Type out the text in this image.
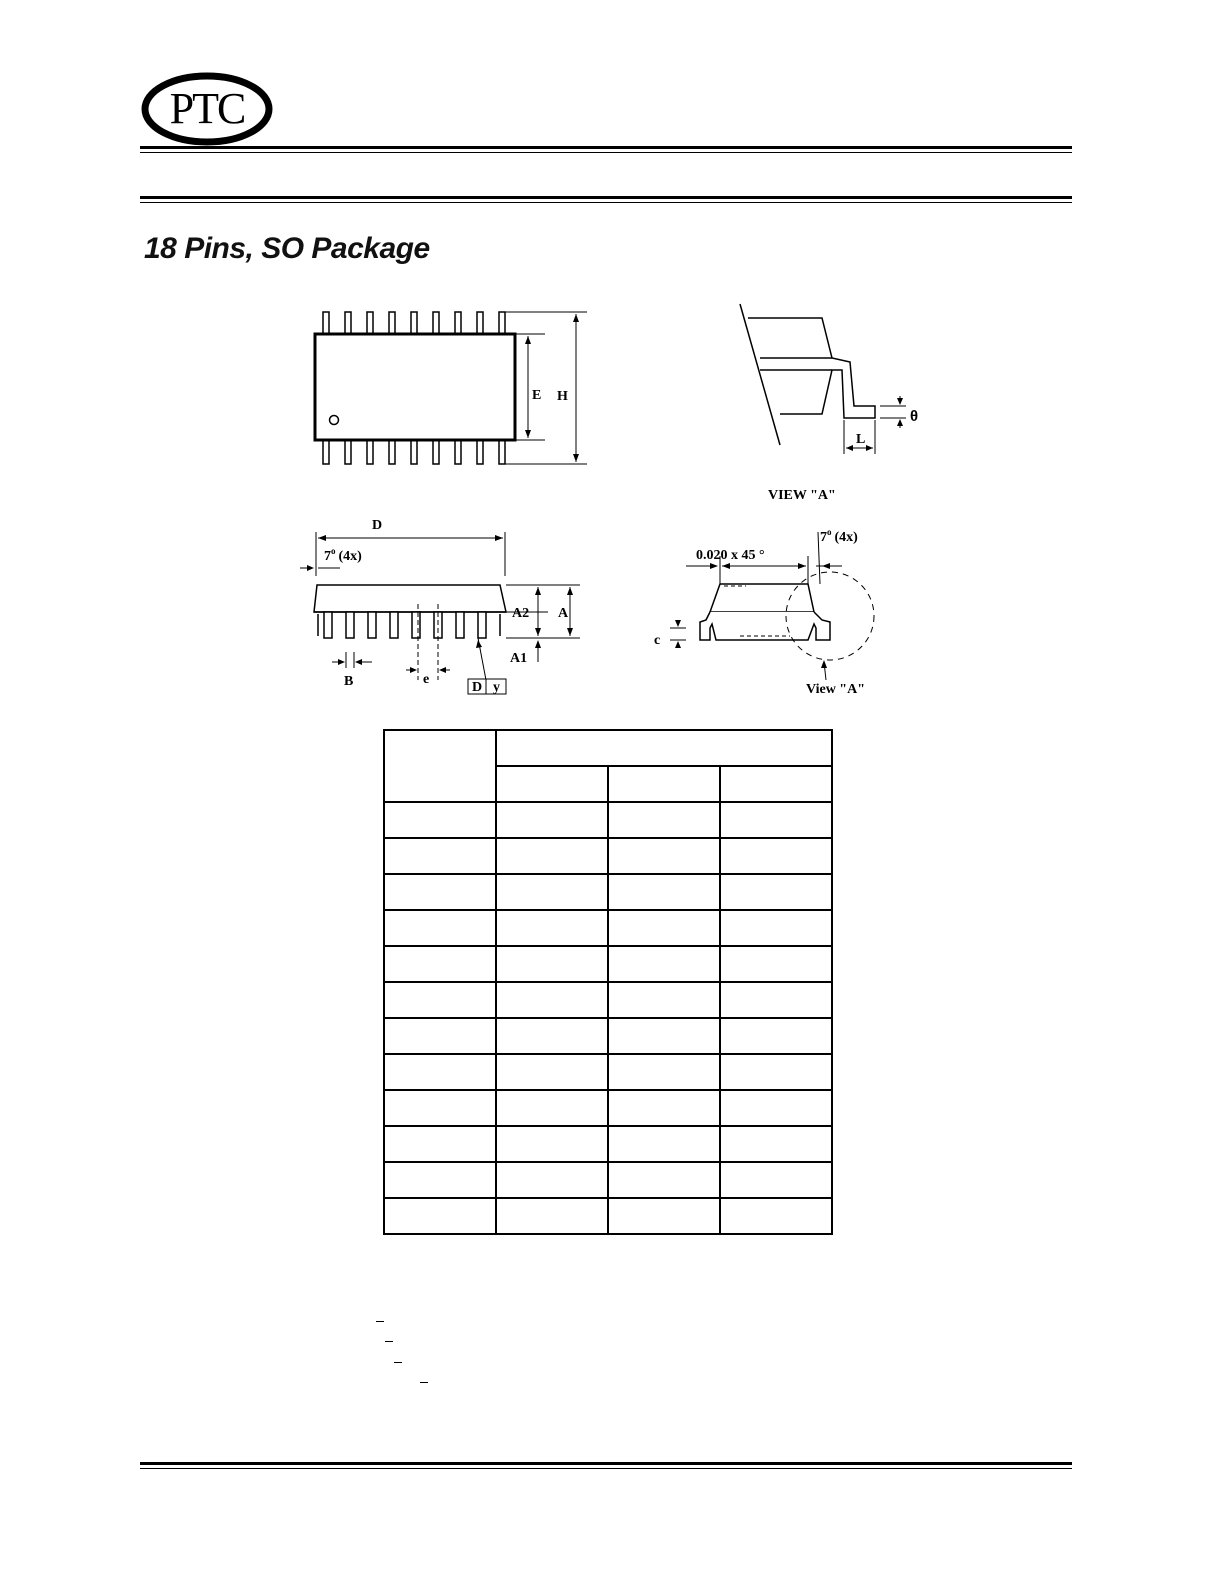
PTC
18 Pins, SO Package
E H
θ
L
VIEW "A"
D
7$^o$ (4x)
A2 A
A1
B	e
D y
0.020 x 45 °
7$^o$ (4x)
c
View "A"
